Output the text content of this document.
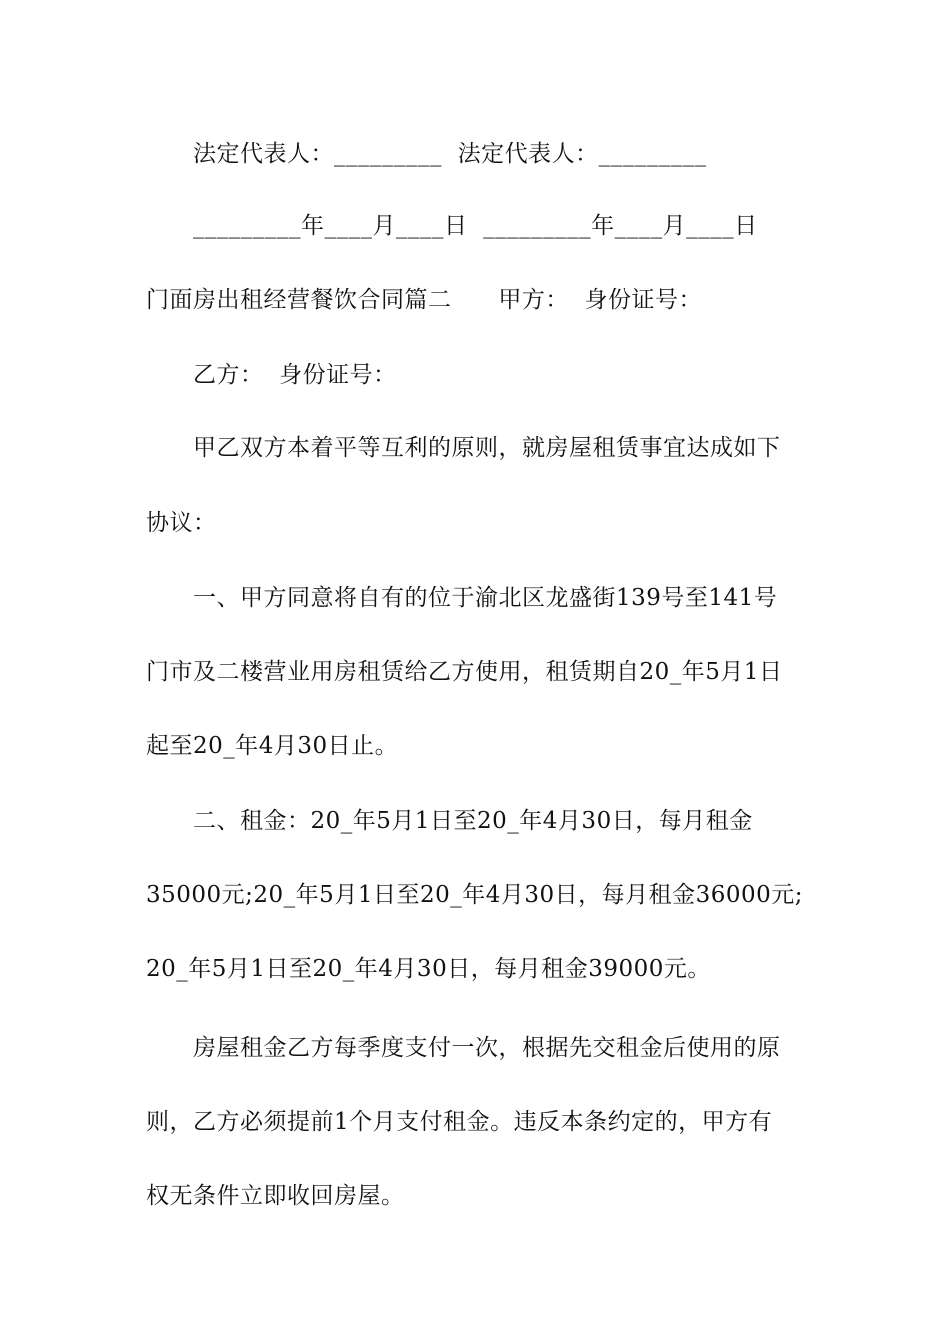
法定代表人：_________  法定代表人：_________
_________年____月____日  _________年____月____日
门面房出租经营餐饮合同篇二      甲方：  身份证号：
乙方：  身份证号：
甲乙双方本着平等互利的原则，就房屋租赁事宜达成如下
协议：
一、甲方同意将自有的位于渝北区龙盛街139号至141号
门市及二楼营业用房租赁给乙方使用，租赁期自20_年5月1日
起至20_年4月30日止。
二、租金：20_年5月1日至20_年4月30日，每月租金
35000元;20_年5月1日至20_年4月30日，每月租金36000元;
20_年5月1日至20_年4月30日，每月租金39000元。
房屋租金乙方每季度支付一次，根据先交租金后使用的原
则，乙方必须提前1个月支付租金。违反本条约定的，甲方有
权无条件立即收回房屋。
